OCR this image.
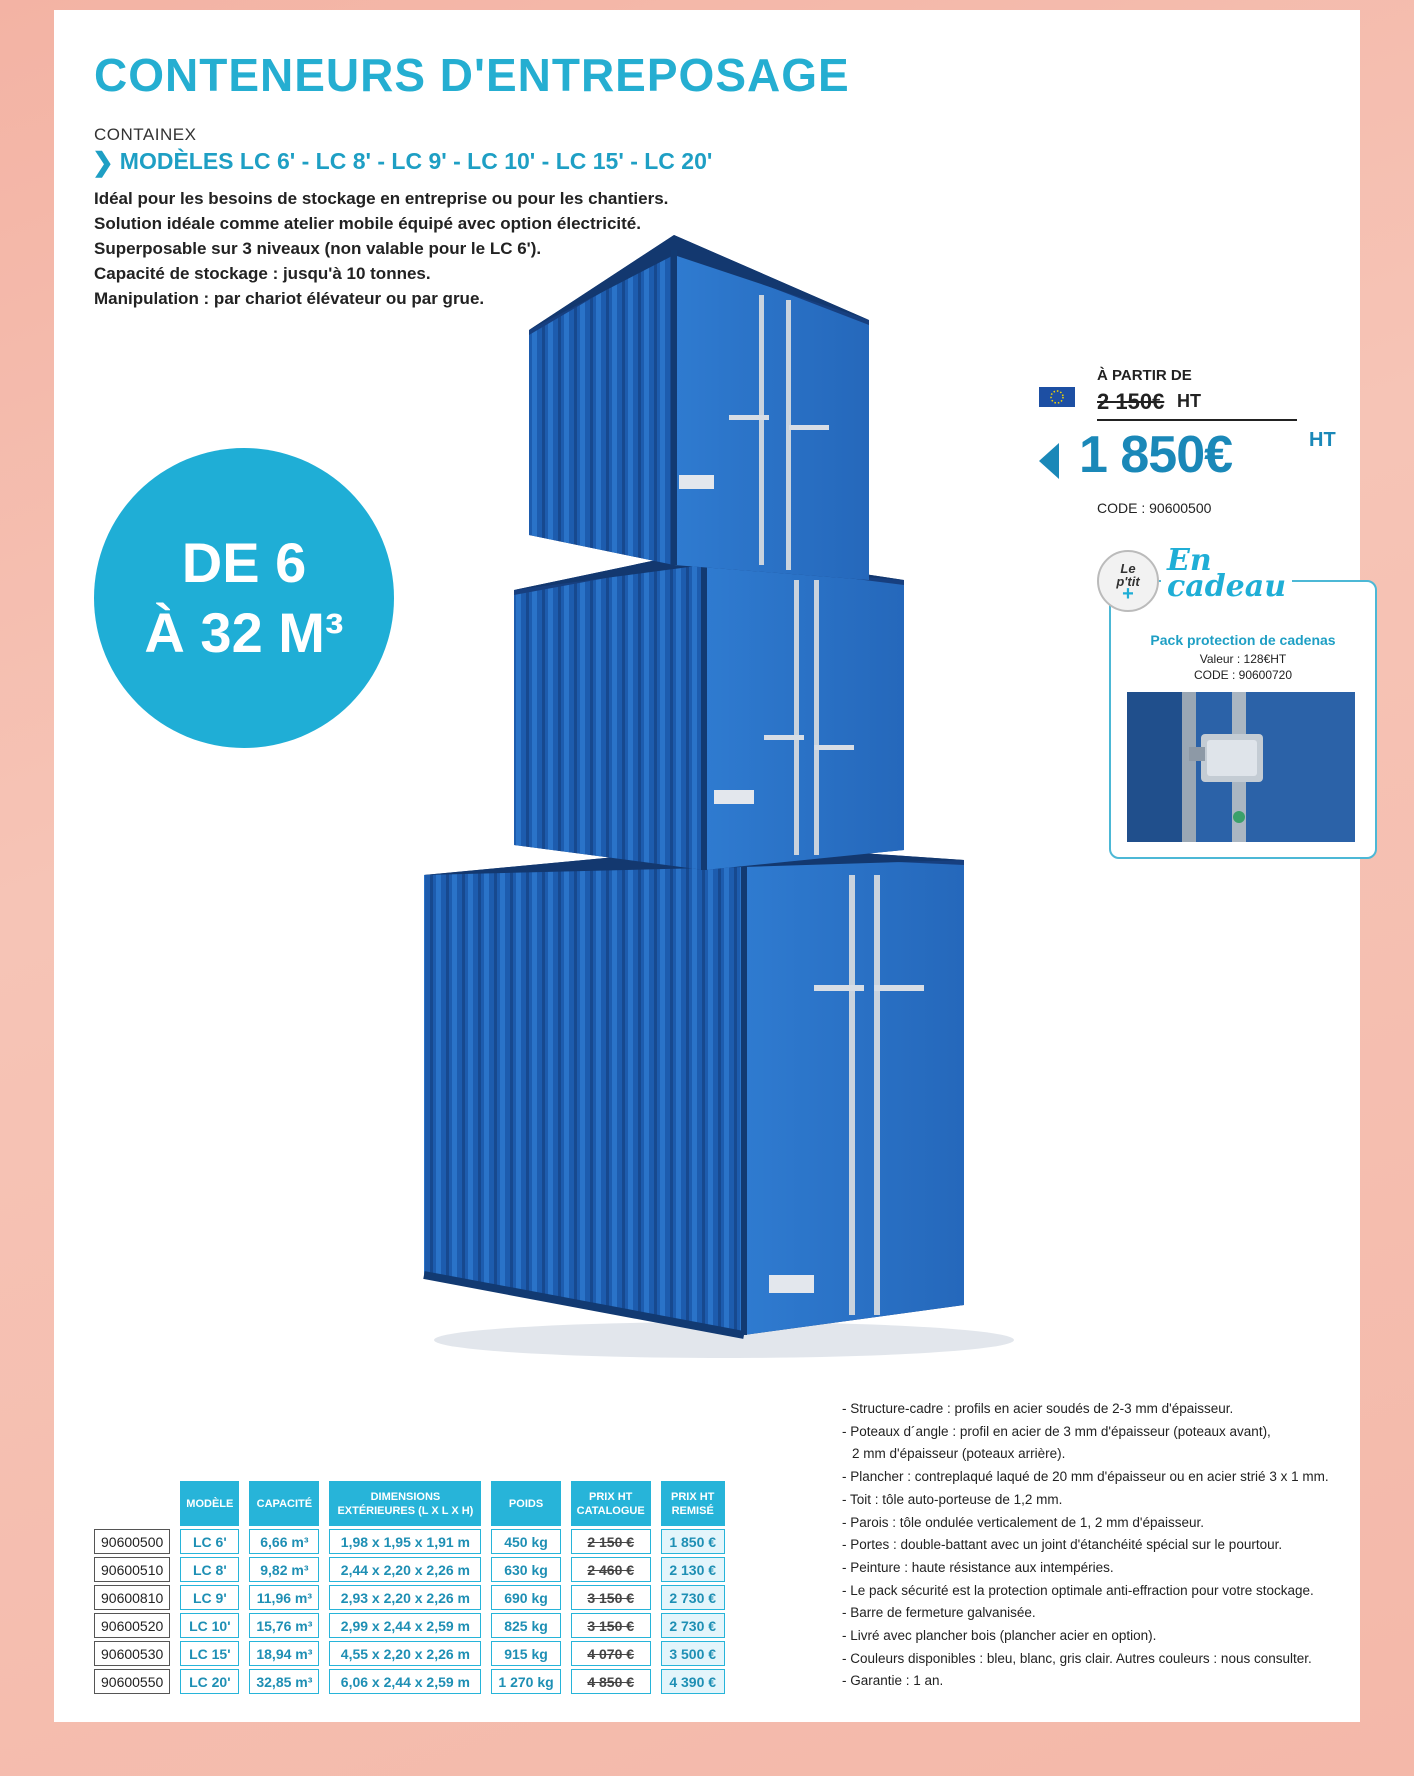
CONTENEURS D'ENTREPOSAGE
CONTAINEX
❯ MODÈLES LC 6' - LC 8' - LC 9' - LC 10' - LC 15' - LC 20'
Idéal pour les besoins de stockage en entreprise ou pour les chantiers.
Solution idéale comme atelier mobile équipé avec option électricité.
Superposable sur 3 niveaux (non valable pour le LC 6').
Capacité de stockage : jusqu'à 10 tonnes.
Manipulation : par chariot élévateur ou par grue.
DE 6
À 32 M³
À PARTIR DE
2 150€ HT
1 850€	HT
CODE : 90600500
Le
p'tit
+
En
cadeau
Pack protection de cadenas
Valeur : 128€HT
CODE : 90600720
	MODÈLE	CAPACITÉ	DIMENSIONS EXTÉRIEURES (L X L X H)	POIDS	PRIX HT CATALOGUE	PRIX HT REMISÉ
90600500	LC 6'	6,66 m³	1,98 x 1,95 x 1,91 m	450 kg	2 150 €	1 850 €
90600510	LC 8'	9,82 m³	2,44 x 2,20 x 2,26 m	630 kg	2 460 €	2 130 €
90600810	LC 9'	11,96 m³	2,93 x 2,20 x 2,26 m	690 kg	3 150 €	2 730 €
90600520	LC 10'	15,76 m³	2,99 x 2,44 x 2,59 m	825 kg	3 150 €	2 730 €
90600530	LC 15'	18,94 m³	4,55 x 2,20 x 2,26 m	915 kg	4 070 €	3 500 €
90600550	LC 20'	32,85 m³	6,06 x 2,44 x 2,59 m	1 270 kg	4 850 €	4 390 €
- Structure-cadre : profils en acier soudés de 2-3 mm d'épaisseur.
- Poteaux d´angle : profil en acier de 3 mm d'épaisseur (poteaux avant),
2 mm d'épaisseur (poteaux arrière).
- Plancher : contreplaqué laqué de 20 mm d'épaisseur ou en acier strié 3 x 1 mm.
- Toit : tôle auto-porteuse de 1,2 mm.
- Parois : tôle ondulée verticalement de 1, 2 mm d'épaisseur.
- Portes : double-battant avec un joint d'étanchéité spécial sur le pourtour.
- Peinture : haute résistance aux intempéries.
- Le pack sécurité est la protection optimale anti-effraction pour votre stockage.
- Barre de fermeture galvanisée.
- Livré avec plancher bois (plancher acier en option).
- Couleurs disponibles : bleu, blanc, gris clair. Autres couleurs : nous consulter.
- Garantie : 1 an.
